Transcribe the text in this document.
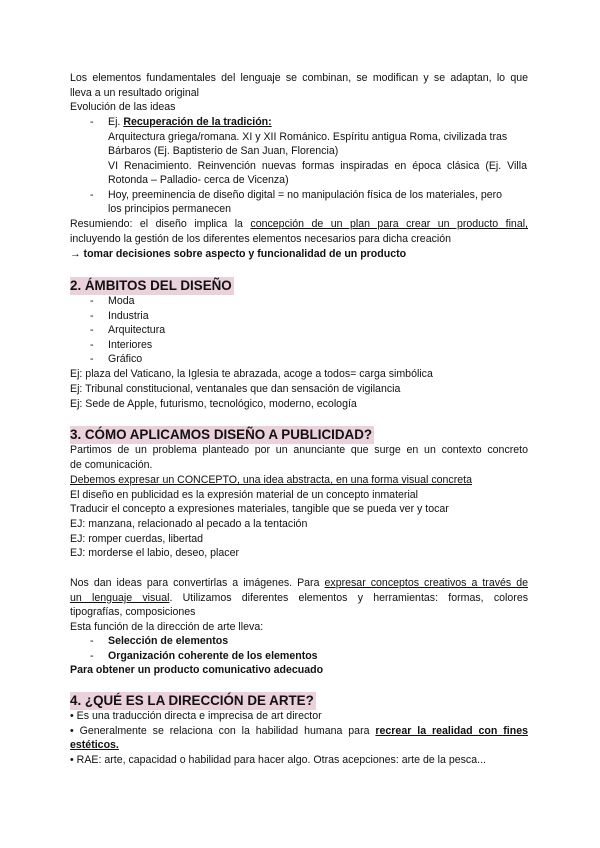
Los elementos fundamentales del lenguaje se combinan, se modifican y se adaptan, lo que
lleva a un resultado original
Evolución de las ideas
- Ej. Recuperación de la tradición:
Arquitectura griega/romana. XI y XII Románico. Espíritu antigua Roma, civilizada tras
Bárbaros (Ej. Baptisterio de San Juan, Florencia)
VI Renacimiento. Reinvención nuevas formas inspiradas en época clásica (Ej. Villa
Rotonda – Palladio- cerca de Vicenza)
- Hoy, preeminencia de diseño digital = no manipulación física de los materiales, pero
los principios permanecen
Resumiendo: el diseño implica la concepción de un plan para crear un producto final,
incluyendo la gestión de los diferentes elementos necesarios para dicha creación
→ tomar decisiones sobre aspecto y funcionalidad de un producto
2. ÁMBITOS DEL DISEÑO
- Moda
- Industria
- Arquitectura
- Interiores
- Gráfico
Ej: plaza del Vaticano, la Iglesia te abrazada, acoge a todos= carga simbólica
Ej: Tribunal constitucional, ventanales que dan sensación de vigilancia
Ej: Sede de Apple, futurismo, tecnológico, moderno, ecología
3. CÓMO APLICAMOS DISEÑO A PUBLICIDAD?
Partimos de un problema planteado por un anunciante que surge en un contexto concreto
de comunicación.
Debemos expresar un CONCEPTO, una idea abstracta, en una forma visual concreta
El diseño en publicidad es la expresión material de un concepto inmaterial
Traducir el concepto a expresiones materiales, tangible que se pueda ver y tocar
EJ: manzana, relacionado al pecado a la tentación
EJ: romper cuerdas, libertad
EJ: morderse el labio, deseo, placer
Nos dan ideas para convertirlas a imágenes. Para expresar conceptos creativos a través de
un lenguaje visual. Utilizamos diferentes elementos y herramientas: formas, colores
tipografías, composiciones
Esta función de la dirección de arte lleva:
- Selección de elementos
- Organización coherente de los elementos
Para obtener un producto comunicativo adecuado
4. ¿QUÉ ES LA DIRECCIÓN DE ARTE?
• Es una traducción directa e imprecisa de art director
• Generalmente se relaciona con la habilidad humana para recrear la realidad con fines
estéticos.
• RAE: arte, capacidad o habilidad para hacer algo. Otras acepciones: arte de la pesca...
